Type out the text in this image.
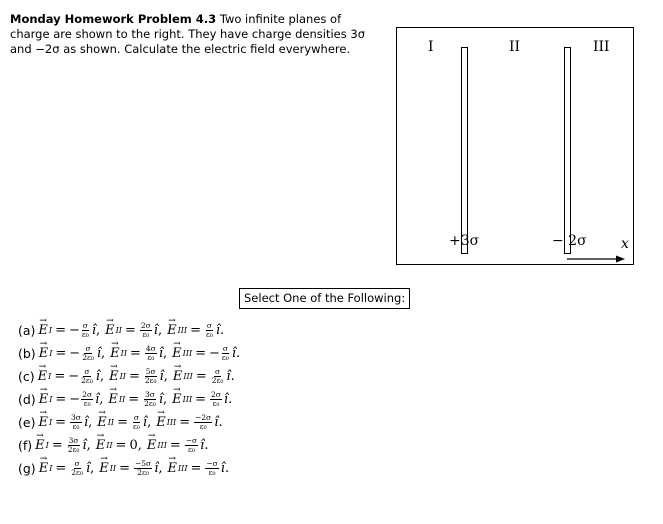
Monday Homework Problem 4.3 Two infinite planes of charge are shown to the right. They have charge densities 3σ and −2σ as shown. Calculate the electric field everywhere.	I	II	III
+3σ	− 2σ x
Select One of the Following:
(a) → E I = − $\frac{\sigma}{\text{ε₀}}$ î , → E II = $\frac{2\sigma}{\text{ε₀}}$ î , → E III = $\frac{\sigma}{\text{ε₀}}$ î .
(b) → E I = − $\frac{\sigma}{\text{2ε₀}}$ î , → E II = $\frac{4\sigma}{\text{ε₀}}$ î , → E III = − $\frac{\sigma}{\text{ε₀}}$ î .
(c) → E I = − $\frac{\sigma}{\text{2ε₀}}$ î , → E II = $\frac{5\sigma}{\text{2ε₀}}$ î , → E III = $\frac{\sigma}{\text{2ε₀}}$ î .
(d) → E I = − $\frac{2\sigma}{\text{ε₀}}$ î , → E II = $\frac{3\sigma}{\text{2ε₀}}$ î , → E III = $\frac{2\sigma}{\text{ε₀}}$ î .
(e) → E $I = \frac{3\sigma}{\text{ε₀}}$ î , → E II = $\frac{\sigma}{\text{ε₀}}$ î , → E III = $\frac{-2\sigma}{\text{ε₀}}$ î .
(f) → E $I = \frac{3\sigma}{\text{2ε₀}}$ î , → E II = 0 , → E III = $\frac{-\sigma}{\text{ε₀}}$ î .
(g) → E $I = \frac{\sigma}{\text{2ε₀}}$ î , → E II = $\frac{-5\sigma}{\text{2ε₀}}$ î , → E III = $\frac{-\sigma}{\text{ε₀}}$ î .
